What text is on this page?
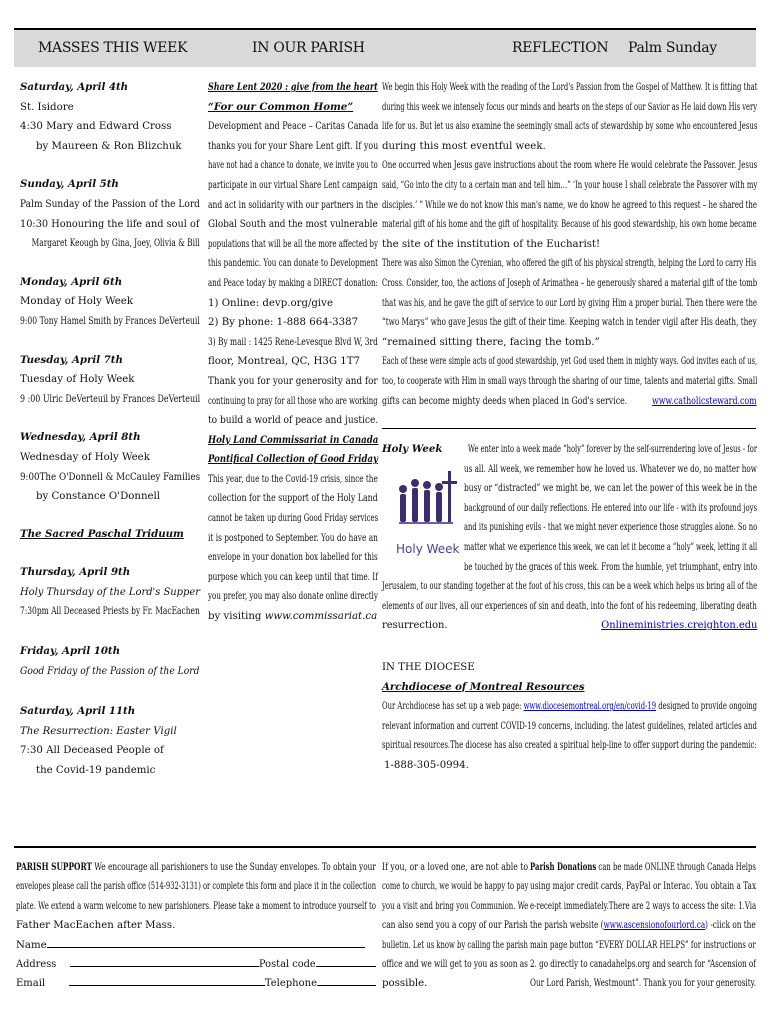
MASSES THIS WEEK	IN OUR PARISH	REFLECTION Palm Sunday

Saturday, April 4th

St. Isidore

4:30 Mary and Edward Cross

by Maureen & Ron Blizchuk

Sunday, April 5th

Palm Sunday of the Passion of the Lord

10:30 Honouring the life and soul of

Margaret Keough by Gina, Joey, Olivia & Bill

Monday, April 6th

Monday of Holy Week

9:00 Tony Hamel Smith by Frances DeVerteuil

Tuesday, April 7th

Tuesday of Holy Week

9 :00 Ulric DeVerteuil by Frances DeVerteuil

Wednesday, April 8th

Wednesday of Holy Week

9:00The O'Donnell & McCauley Families

by Constance O'Donnell

The Sacred Paschal Triduum

Thursday, April 9th

Holy Thursday of the Lord's Supper

7:30pm All Deceased Priests by Fr. MacEachen

Friday, April 10th

Good Friday of the Passion of the Lord

Saturday, April 11th

The Resurrection: Easter Vigil

7:30 All Deceased People of

the Covid-19 pandemic

Share Lent 2020 : give from the heart

“For our Common Home”

Development and Peace – Caritas Canada

thanks you for your Share Lent gift. If you

have not had a chance to donate, we invite you to

participate in our virtual Share Lent campaign

and act in solidarity with our partners in the

Global South and the most vulnerable

populations that will be all the more affected by

this pandemic. You can donate to Development

and Peace today by making a DIRECT donation:

1) Online: devp.org/give

2) By phone: 1-888 664-3387

3) By mail : 1425 Rene-Levesque Blvd W, 3rd

floor, Montreal, QC, H3G 1T7

Thank you for your generosity and for

continuing to pray for all those who are working

to build a world of peace and justice.

Holy Land Commissariat in Canada

Pontifical Collection of Good Friday

This year, due to the Covid-19 crisis, since the

collection for the support of the Holy Land

cannot be taken up during Good Friday services

it is postponed to September. You do have an

envelope in your donation box labelled for this

purpose which you can keep until that time. If

you prefer, you may also donate online directly

by visiting www.commissariat.ca

We begin this Holy Week with the reading of the Lord's Passion from the Gospel of Matthew. It is fitting that

during this week we intensely focus our minds and hearts on the steps of our Savior as He laid down His very

life for us. But let us also examine the seemingly small acts of stewardship by some who encountered Jesus

during this most eventful week.

One occurred when Jesus gave instructions about the room where He would celebrate the Passover. Jesus

said, “Go into the city to a certain man and tell him…” ‘In your house I shall celebrate the Passover with my

disciples.’ ” While we do not know this man's name, we do know he agreed to this request – he shared the

material gift of his home and the gift of hospitality. Because of his good stewardship, his own home became

the site of the institution of the Eucharist!

There was also Simon the Cyrenian, who offered the gift of his physical strength, helping the Lord to carry His

Cross. Consider, too, the actions of Joseph of Arimathea – he generously shared a material gift of the tomb

that was his, and he gave the gift of service to our Lord by giving Him a proper burial. Then there were the

“two Marys” who gave Jesus the gift of their time. Keeping watch in tender vigil after His death, they

“remained sitting there, facing the tomb.”

Each of these were simple acts of good stewardship, yet God used them in mighty ways. God invites each of us,

too, to cooperate with Him in small ways through the sharing of our time, talents and material gifts. Small

gifts can become mighty deeds when placed in God's service. www.catholicsteward.com

Holy Week
Holy Week

We enter into a week made “holy” forever by the self-surrendering love of Jesus - for

us all. All week, we remember how he loved us. Whatever we do, no matter how

busy or “distracted” we might be, we can let the power of this week be in the

background of our daily reflections. He entered into our life - with its profound joys

and its punishing evils - that we might never experience those struggles alone. So no

matter what we experience this week, we can let it become a “holy” week, letting it all

be touched by the graces of this week. From the humble, yet triumphant, entry into

Jerusalem, to our standing together at the foot of his cross, this can be a week which helps us bring all of the

elements of our lives, all our experiences of sin and death, into the font of his redeeming, liberating death

resurrection.	Onlineministries.creighton.edu

IN THE DIOCESE

Archdiocese of Montreal Resources

Our Archdiocese has set up a web page: www.diocesemontreal.org/en/covid-19 designed to provide ongoing

relevant information and current COVID-19 concerns, including. the latest guidelines, related articles and

spiritual resources.The diocese has also created a spiritual help-line to offer support during the pandemic:

1-888-305-0994.

PARISH SUPPORT We encourage all parishioners to use the Sunday envelopes. To obtain your

envelopes please call the parish office (514-932-3131) or complete this form and place it in the collection

plate. We extend a warm welcome to new parishioners. Please take a moment to introduce yourself to

Father MacEachen after Mass.

Name

Address	Postal code

Email	Telephone

If you, or a loved one, are not able to

come to church, we would be happy to pay

you a visit and bring you Communion. We

can also send you a copy of our Parish

bulletin. Let us know by calling the parish

office and we will get to you as soon as

possible.

Parish Donations can be made ONLINE through Canada Helps

using major credit cards, PayPal or Interac. You obtain a Tax

e-receipt immediately.There are 2 ways to access the site: 1.Via

the parish website (www.ascensionofourlord.ca) -click on the

main page button “EVERY DOLLAR HELPS” for instructions or

2. go directly to canadahelps.org and search for “Ascension of

Our Lord Parish, Westmount”. Thank you for your generosity.
